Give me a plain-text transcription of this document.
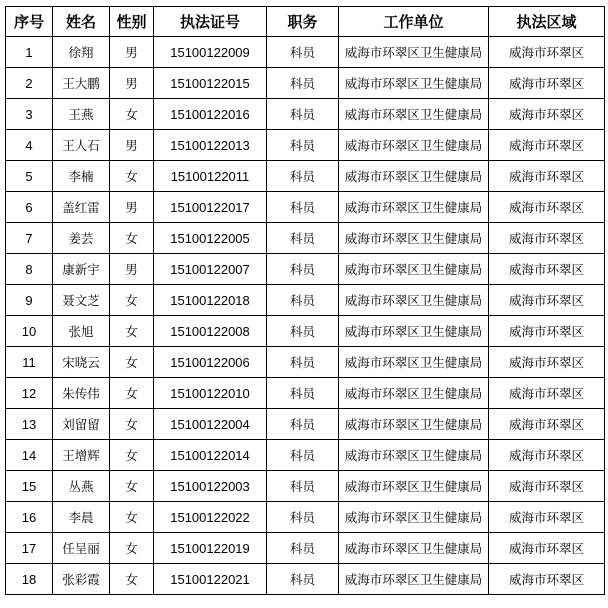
序号	姓名	性别	执法证号	职务	工作单位	执法区域
1	徐翔	男	15100122009	科员	威海市环翠区卫生健康局	威海市环翠区
2	王大鹏	男	15100122015	科员	威海市环翠区卫生健康局	威海市环翠区
3	王燕	女	15100122016	科员	威海市环翠区卫生健康局	威海市环翠区
4	王人石	男	15100122013	科员	威海市环翠区卫生健康局	威海市环翠区
5	李楠	女	15100122011	科员	威海市环翠区卫生健康局	威海市环翠区
6	盖红雷	男	15100122017	科员	威海市环翠区卫生健康局	威海市环翠区
7	姜芸	女	15100122005	科员	威海市环翠区卫生健康局	威海市环翠区
8	康新宇	男	15100122007	科员	威海市环翠区卫生健康局	威海市环翠区
9	聂文芝	女	15100122018	科员	威海市环翠区卫生健康局	威海市环翠区
10	张旭	女	15100122008	科员	威海市环翠区卫生健康局	威海市环翠区
11	宋晓云	女	15100122006	科员	威海市环翠区卫生健康局	威海市环翠区
12	朱传伟	女	15100122010	科员	威海市环翠区卫生健康局	威海市环翠区
13	刘留留	女	15100122004	科员	威海市环翠区卫生健康局	威海市环翠区
14	王增辉	女	15100122014	科员	威海市环翠区卫生健康局	威海市环翠区
15	丛燕	女	15100122003	科员	威海市环翠区卫生健康局	威海市环翠区
16	李晨	女	15100122022	科员	威海市环翠区卫生健康局	威海市环翠区
17	任呈丽	女	15100122019	科员	威海市环翠区卫生健康局	威海市环翠区
18	张彩霞	女	15100122021	科员	威海市环翠区卫生健康局	威海市环翠区
